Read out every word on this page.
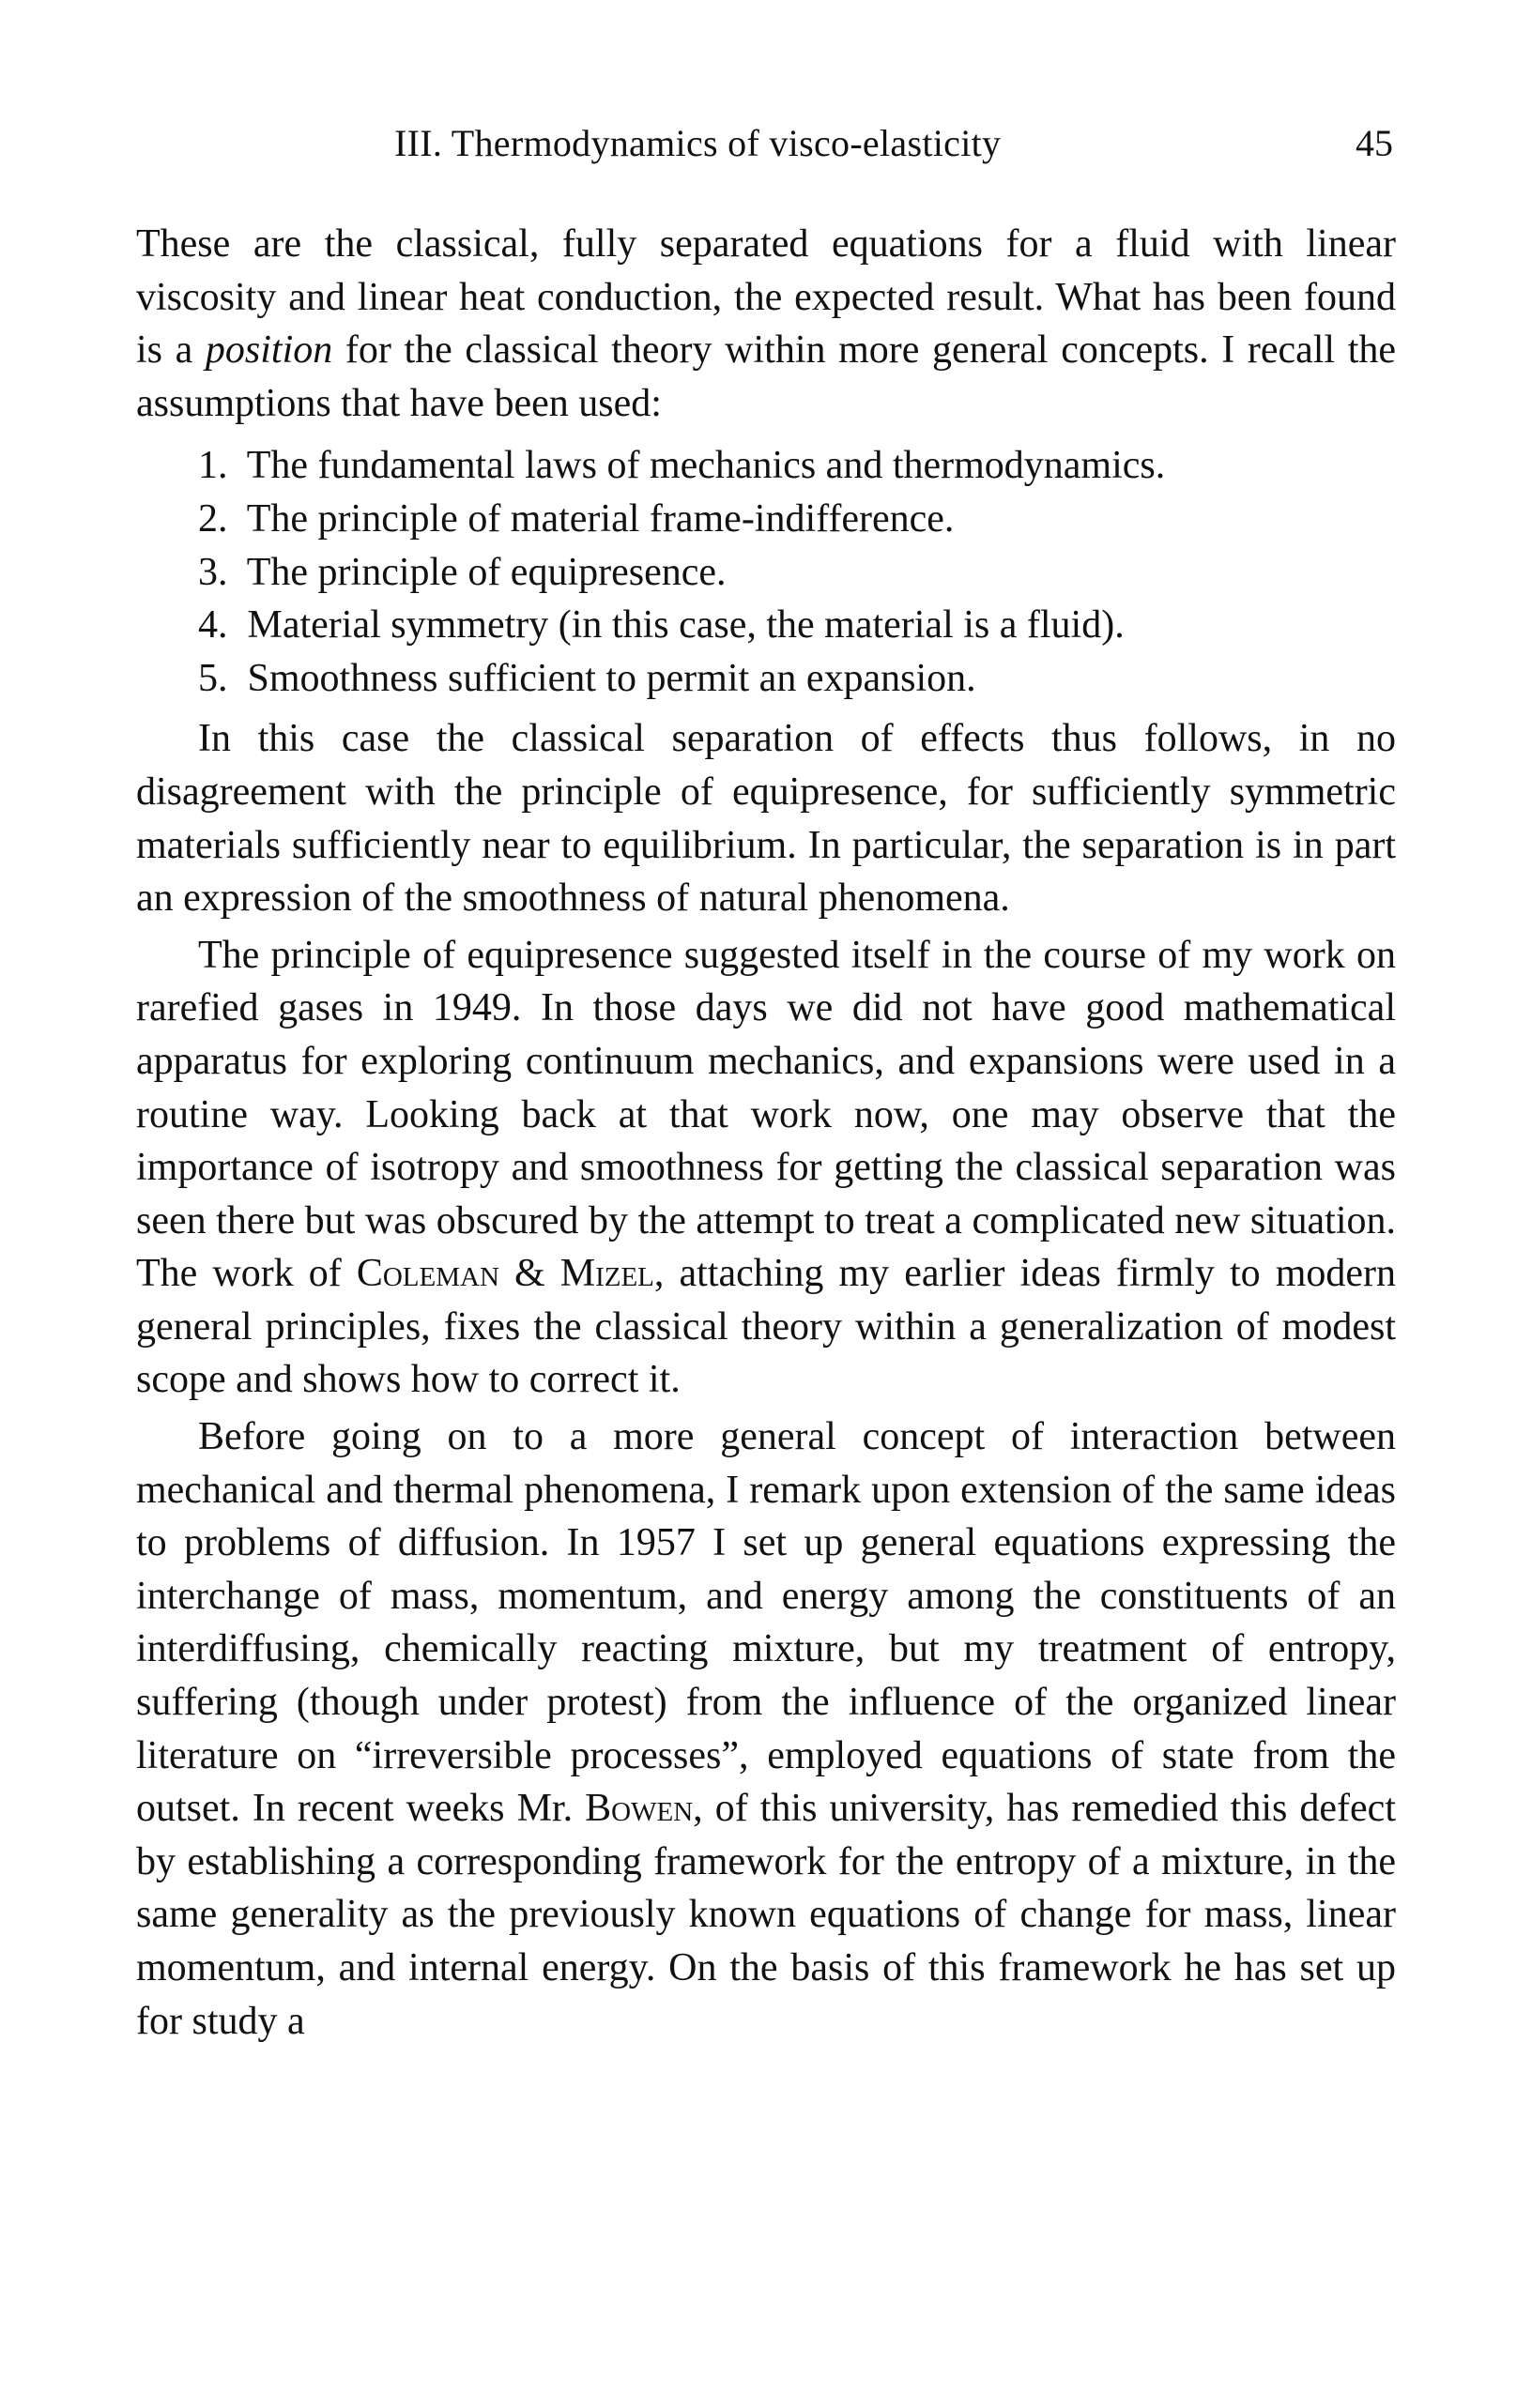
III. Thermodynamics of visco-elasticity	45

These are the classical, fully separated equations for a fluid with linear viscosity and linear heat conduction, the expected result. What has been found is a position for the classical theory within more general concepts. I recall the assumptions that have been used:

1. The fundamental laws of mechanics and thermodynamics.
2. The principle of material frame-indifference.
3. The principle of equipresence.
4. Material symmetry (in this case, the material is a fluid).
5. Smoothness sufficient to permit an expansion.

In this case the classical separation of effects thus follows, in no disagreement with the principle of equipresence, for sufficiently symmetric materials sufficiently near to equilibrium. In particular, the separation is in part an expression of the smoothness of natural phenomena.

The principle of equipresence suggested itself in the course of my work on rarefied gases in 1949. In those days we did not have good mathematical apparatus for exploring continuum mechanics, and expansions were used in a routine way. Looking back at that work now, one may observe that the importance of isotropy and smoothness for getting the classical separation was seen there but was obscured by the attempt to treat a complicated new situation. The work of Coleman & Mizel, attaching my earlier ideas firmly to modern general principles, fixes the classical theory within a generalization of modest scope and shows how to correct it.

Before going on to a more general concept of interaction between mechanical and thermal phenomena, I remark upon extension of the same ideas to problems of diffusion. In 1957 I set up general equations expressing the interchange of mass, momentum, and energy among the constituents of an interdiffusing, chemically reacting mixture, but my treatment of entropy, suffering (though under protest) from the influence of the organized linear literature on “irreversible processes”, employed equations of state from the outset. In recent weeks Mr. Bowen, of this university, has remedied this defect by establishing a corresponding framework for the entropy of a mixture, in the same generality as the previously known equations of change for mass, linear momentum, and internal energy. On the basis of this framework he has set up for study a
